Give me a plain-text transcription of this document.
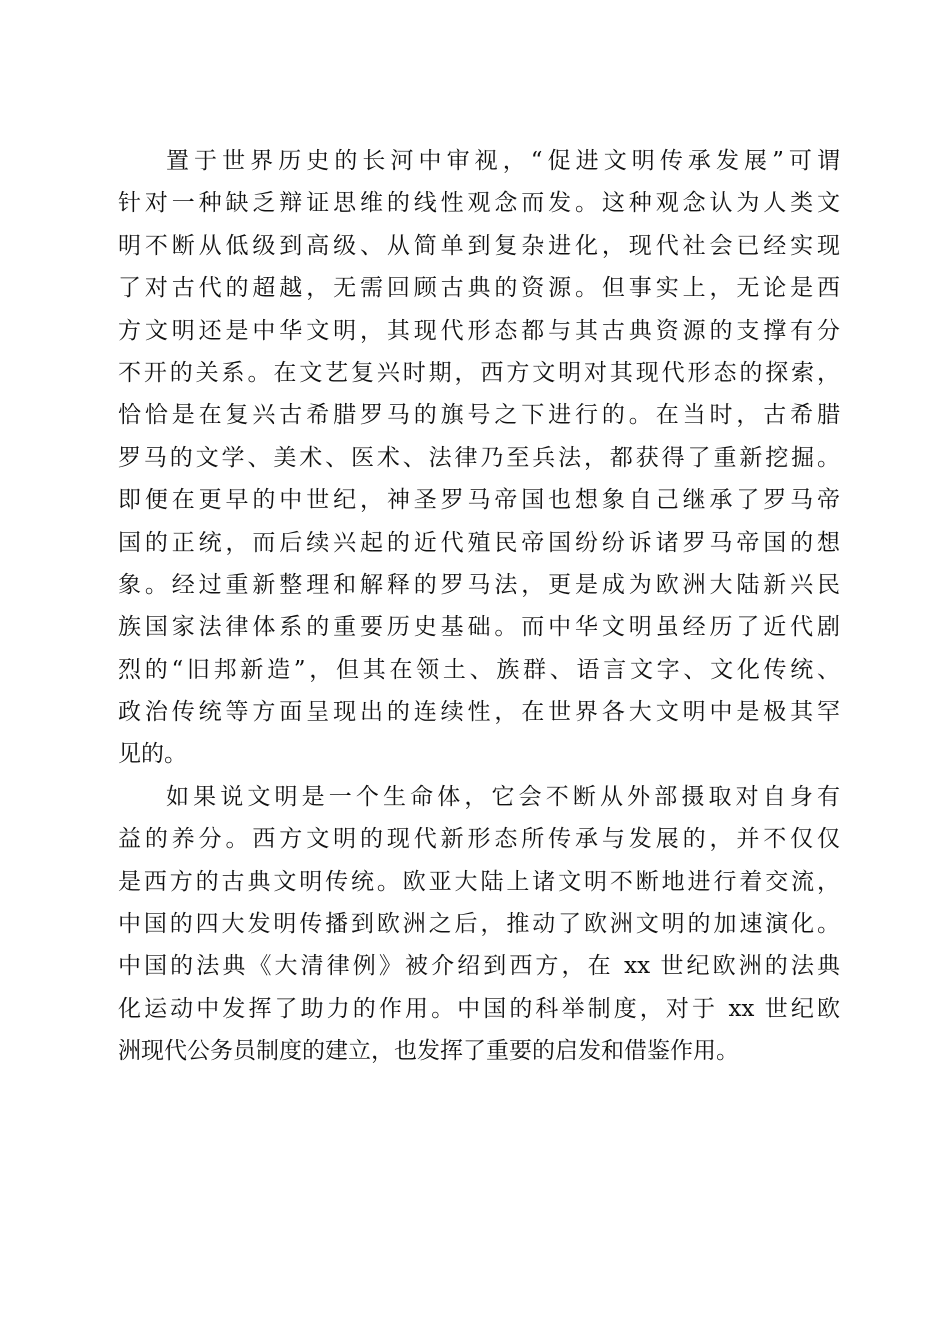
置于世界历史的长河中审视，“促进文明传承发展”可谓
针对一种缺乏辩证思维的线性观念而发。这种观念认为人类文
明不断从低级到高级、从简单到复杂进化，现代社会已经实现
了对古代的超越，无需回顾古典的资源。但事实上，无论是西
方文明还是中华文明，其现代形态都与其古典资源的支撑有分
不开的关系。在文艺复兴时期，西方文明对其现代形态的探索，
恰恰是在复兴古希腊罗马的旗号之下进行的。在当时，古希腊
罗马的文学、美术、医术、法律乃至兵法，都获得了重新挖掘。
即便在更早的中世纪，神圣罗马帝国也想象自己继承了罗马帝
国的正统，而后续兴起的近代殖民帝国纷纷诉诸罗马帝国的想
象。经过重新整理和解释的罗马法，更是成为欧洲大陆新兴民
族国家法律体系的重要历史基础。而中华文明虽经历了近代剧
烈的“旧邦新造”，但其在领土、族群、语言文字、文化传统、
政治传统等方面呈现出的连续性，在世界各大文明中是极其罕
见的。
如果说文明是一个生命体，它会不断从外部摄取对自身有
益的养分。西方文明的现代新形态所传承与发展的，并不仅仅
是西方的古典文明传统。欧亚大陆上诸文明不断地进行着交流，
中国的四大发明传播到欧洲之后，推动了欧洲文明的加速演化。
中国的法典《大清律例》被介绍到西方，在 xx 世纪欧洲的法典
化运动中发挥了助力的作用。中国的科举制度，对于 xx 世纪欧
洲现代公务员制度的建立，也发挥了重要的启发和借鉴作用。
